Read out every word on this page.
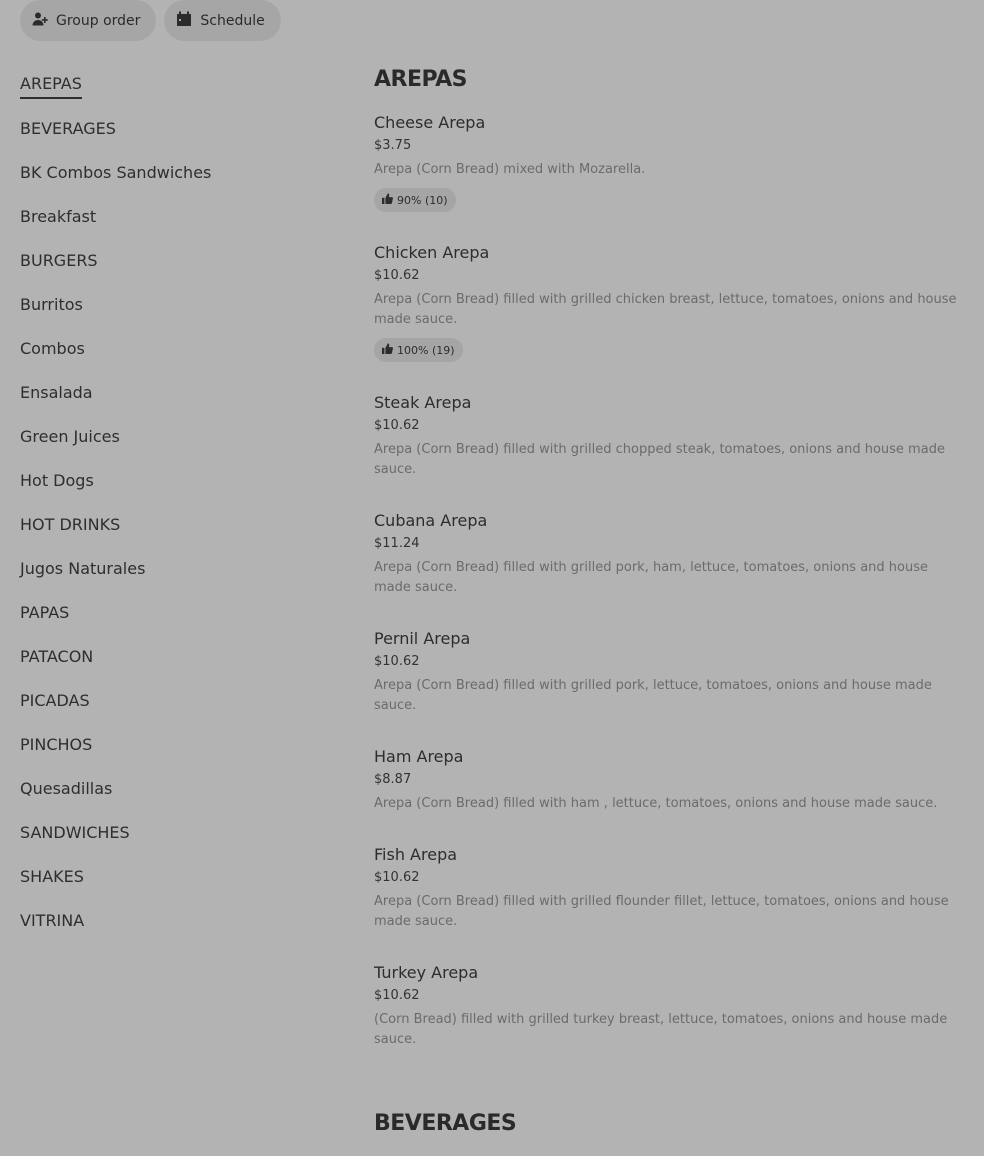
Group order	Schedule
AREPAS
BEVERAGES
BK Combos Sandwiches
Breakfast
BURGERS
Burritos
Combos
Ensalada
Green Juices
Hot Dogs
HOT DRINKS
Jugos Naturales
PAPAS
PATACON
PICADAS
PINCHOS
Quesadillas
SANDWICHES
SHAKES
VITRINA
AREPAS
Cheese Arepa
$3.75
Arepa (Corn Bread) mixed with Mozarella.
90% (10)
Chicken Arepa
$10.62
Arepa (Corn Bread) filled with grilled chicken breast, lettuce, tomatoes, onions and house made sauce.
100% (19)
Steak Arepa
$10.62
Arepa (Corn Bread) filled with grilled chopped steak, tomatoes, onions and house made sauce.
Cubana Arepa
$11.24
Arepa (Corn Bread) filled with grilled pork, ham, lettuce, tomatoes, onions and house made sauce.
Pernil Arepa
$10.62
Arepa (Corn Bread) filled with grilled pork, lettuce, tomatoes, onions and house made sauce.
Ham Arepa
$8.87
Arepa (Corn Bread) filled with ham , lettuce, tomatoes, onions and house made sauce.
Fish Arepa
$10.62
Arepa (Corn Bread) filled with grilled flounder fillet, lettuce, tomatoes, onions and house made sauce.
Turkey Arepa
$10.62
(Corn Bread) filled with grilled turkey breast, lettuce, tomatoes, onions and house made sauce.
BEVERAGES
